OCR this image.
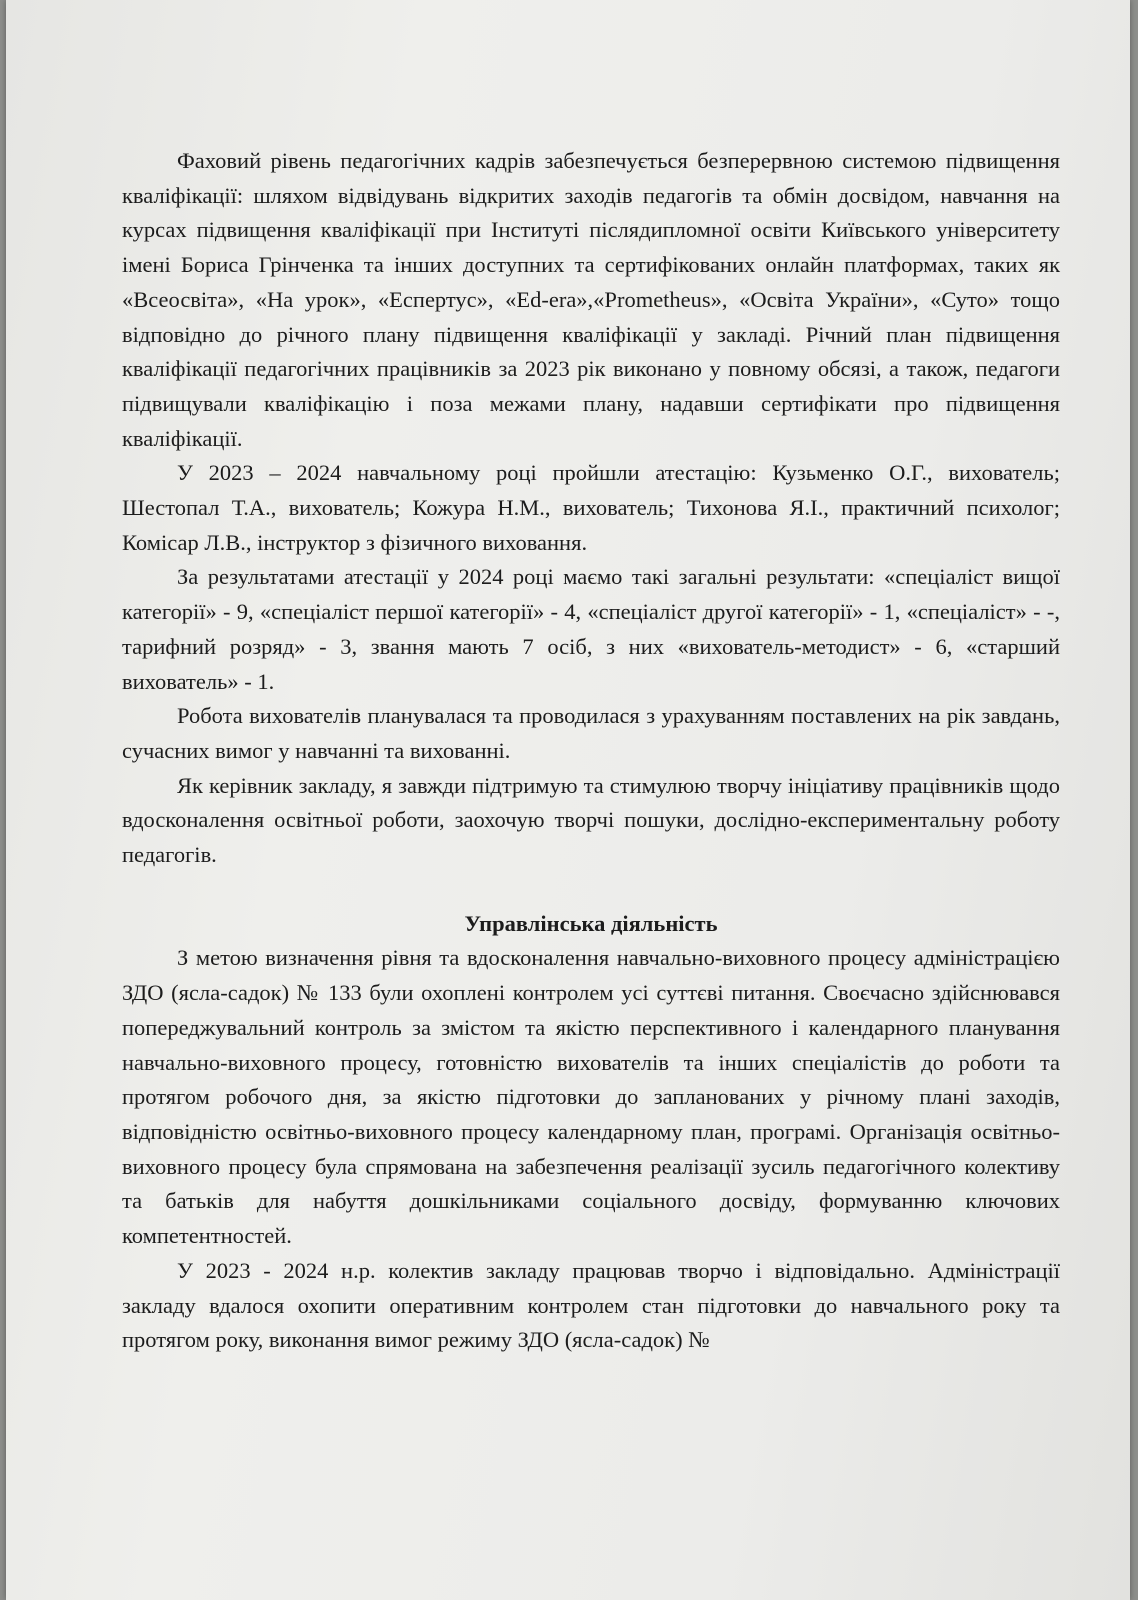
Фаховий рівень педагогічних кадрів забезпечується безперервною системою підвищення кваліфікації: шляхом відвідувань відкритих заходів педагогів та обмін досвідом, навчання на курсах підвищення кваліфікації при Інституті післядипломної освіти Київського університету імені Бориса Грінченка та інших доступних та сертифікованих онлайн платформах, таких як «Всеосвіта», «На урок», «Еспертус», «Ed-era»,«Prometheus», «Освіта України», «Суто» тощо відповідно до річного плану підвищення кваліфікації у закладі. Річний план підвищення кваліфікації педагогічних працівників за 2023 рік виконано у повному обсязі, а також, педагоги підвищували кваліфікацію і поза межами плану, надавши сертифікати про підвищення кваліфікації.

У 2023 – 2024 навчальному році пройшли атестацію: Кузьменко О.Г., вихователь; Шестопал Т.А., вихователь; Кожура Н.М., вихователь; Тихонова Я.І., практичний психолог; Комісар Л.В., інструктор з фізичного виховання.

За результатами атестації у 2024 році маємо такі загальні результати: «спеціаліст вищої категорії» - 9, «спеціаліст першої категорії» - 4, «спеціаліст другої категорії» - 1, «спеціаліст» - -, тарифний розряд» - 3, звання мають 7 осіб, з них «вихователь-методист» - 6, «старший вихователь» - 1.

Робота вихователів планувалася та проводилася з урахуванням поставлених на рік завдань, сучасних вимог у навчанні та вихованні.

Як керівник закладу, я завжди підтримую та стимулюю творчу ініціативу працівників щодо вдосконалення освітньої роботи, заохочую творчі пошуки, дослідно-експериментальну роботу педагогів.

Управлінська діяльність

З метою визначення рівня та вдосконалення навчально-виховного процесу адміністрацією ЗДО (ясла-садок) № 133 були охоплені контролем усі суттєві питання. Своєчасно здійснювався попереджувальний контроль за змістом та якістю перспективного і календарного планування навчально-виховного процесу, готовністю вихователів та інших спеціалістів до роботи та протягом робочого дня, за якістю підготовки до запланованих у річному плані заходів, відповідністю освітньо-виховного процесу календарному план, програмі. Організація освітньо-виховного процесу була спрямована на забезпечення реалізації зусиль педагогічного колективу та батьків для набуття дошкільниками соціального досвіду, формуванню ключових компетентностей.

У 2023 - 2024 н.р. колектив закладу працював творчо і відповідально. Адміністрації закладу вдалося охопити оперативним контролем стан підготовки до навчального року та протягом року, виконання вимог режиму ЗДО (ясла-садок) №
